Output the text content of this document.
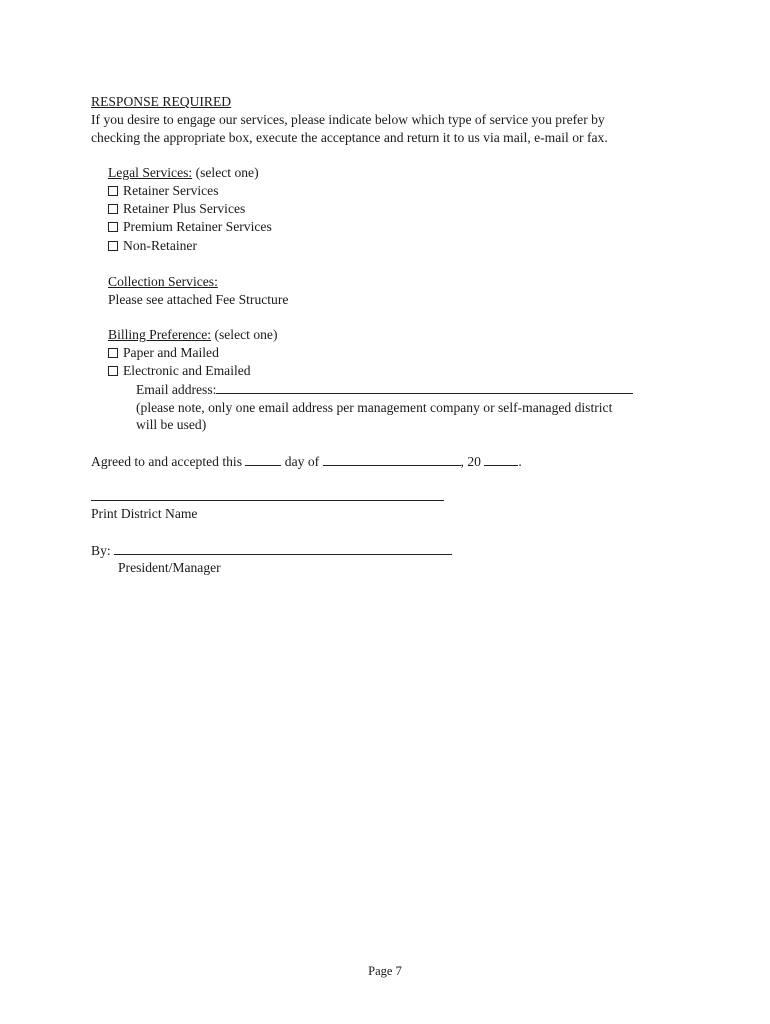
RESPONSE REQUIRED
If you desire to engage our services, please indicate below which type of service you prefer by
checking the appropriate box, execute the acceptance and return it to us via mail, e-mail or fax.
Legal Services: (select one)
Retainer Services
Retainer Plus Services
Premium Retainer Services
Non-Retainer
Collection Services:
Please see attached Fee Structure
Billing Preference: (select one)
Paper and Mailed
Electronic and Emailed
Email address:
(please note, only one email address per management company or self-managed district
will be used)
Agreed to and accepted this	day of	, 20	.
Print District Name
By:
President/Manager
Page 7
